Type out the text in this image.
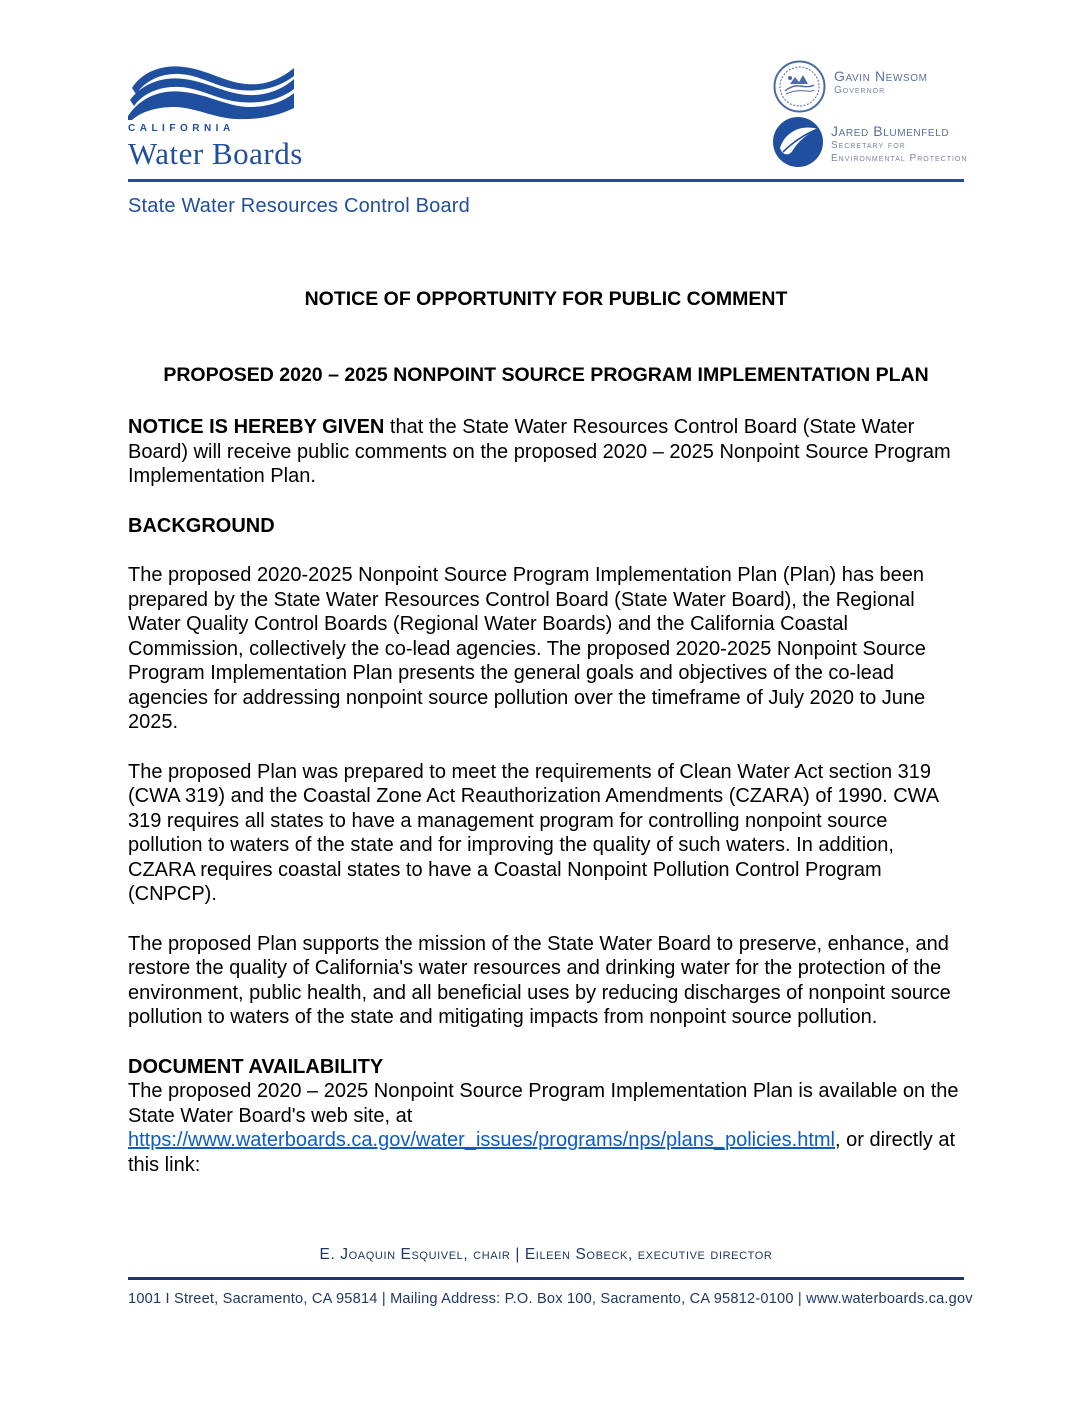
CALIFORNIA
Water Boards
Gavin Newsom
Governor
Jared Blumenfeld
Secretary for
Environmental Protection
State Water Resources Control Board
NOTICE OF OPPORTUNITY FOR PUBLIC COMMENT
PROPOSED 2020 – 2025 NONPOINT SOURCE PROGRAM IMPLEMENTATION PLAN

NOTICE IS HEREBY GIVEN that the State Water Resources Control Board (State Water Board) will receive public comments on the proposed 2020 – 2025 Nonpoint Source Program Implementation Plan.

BACKGROUND

The proposed 2020-2025 Nonpoint Source Program Implementation Plan (Plan) has been prepared by the State Water Resources Control Board (State Water Board), the Regional Water Quality Control Boards (Regional Water Boards) and the California Coastal Commission, collectively the co-lead agencies. The proposed 2020-2025 Nonpoint Source Program Implementation Plan presents the general goals and objectives of the co-lead agencies for addressing nonpoint source pollution over the timeframe of July 2020 to June 2025.

The proposed Plan was prepared to meet the requirements of Clean Water Act section 319 (CWA 319) and the Coastal Zone Act Reauthorization Amendments (CZARA) of 1990. CWA 319 requires all states to have a management program for controlling nonpoint source pollution to waters of the state and for improving the quality of such waters. In addition, CZARA requires coastal states to have a Coastal Nonpoint Pollution Control Program (CNPCP).

The proposed Plan supports the mission of the State Water Board to preserve, enhance, and restore the quality of California's water resources and drinking water for the protection of the environment, public health, and all beneficial uses by reducing discharges of nonpoint source pollution to waters of the state and mitigating impacts from nonpoint source pollution.

DOCUMENT AVAILABILITY

The proposed 2020 – 2025 Nonpoint Source Program Implementation Plan is available on the State Water Board's web site, at https://www.waterboards.ca.gov/water_issues/programs/nps/plans_policies.html, or directly at this link:

E. Joaquin Esquivel, chair | Eileen Sobeck, executive director
1001 I Street, Sacramento, CA 95814 | Mailing Address: P.O. Box 100, Sacramento, CA 95812-0100 | www.waterboards.ca.gov
